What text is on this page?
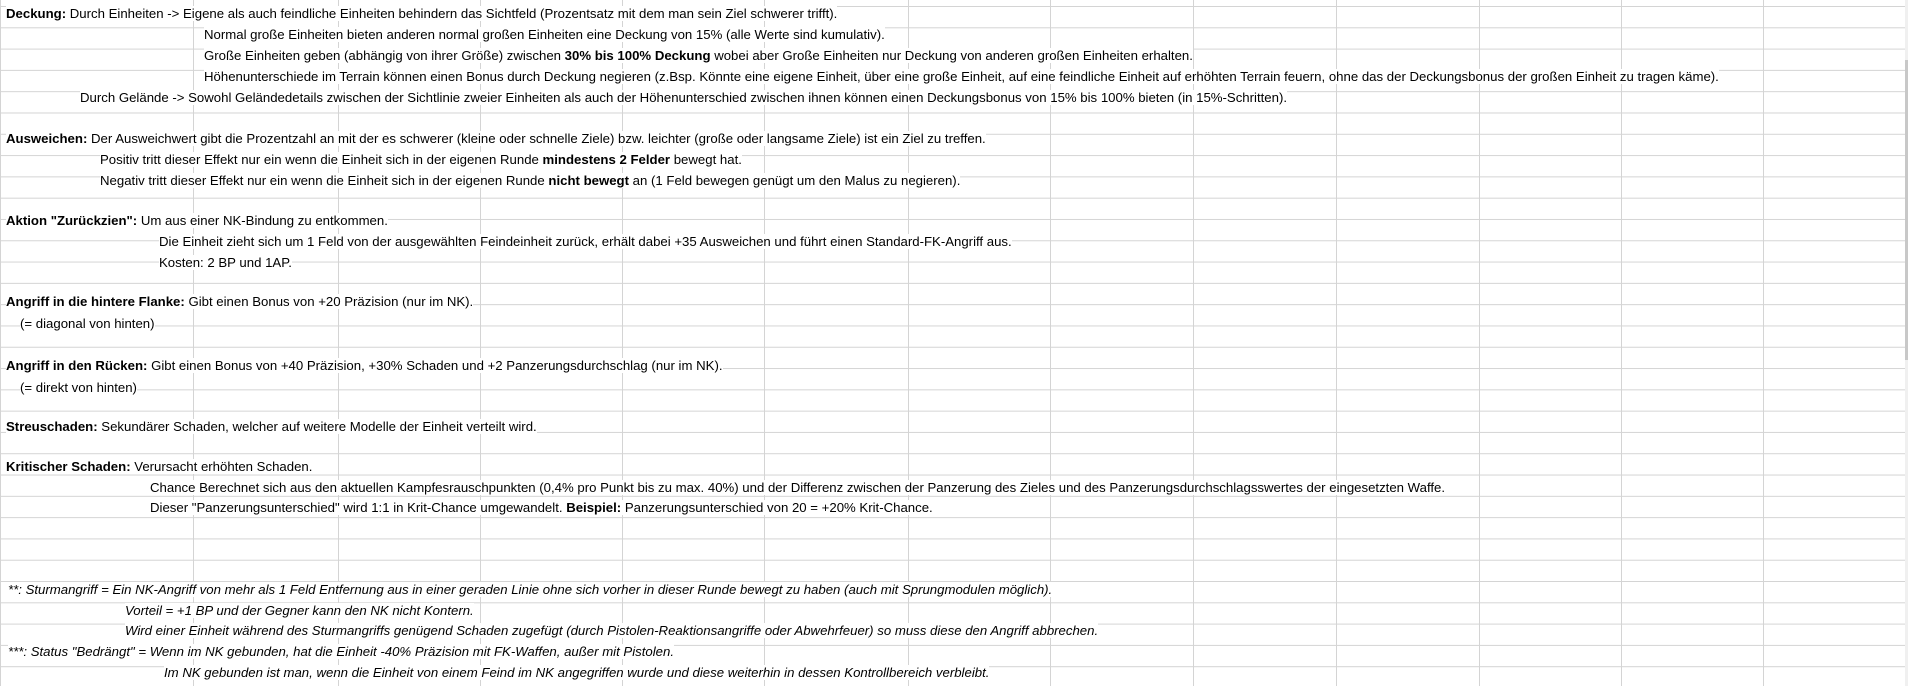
Deckung: Durch Einheiten -> Eigene als auch feindliche Einheiten behindern das Sichtfeld (Prozentsatz mit dem man sein Ziel schwerer trifft).
Normal große Einheiten bieten anderen normal großen Einheiten eine Deckung von 15% (alle Werte sind kumulativ).
Große Einheiten geben (abhängig von ihrer Größe) zwischen 30% bis 100% Deckung wobei aber Große Einheiten nur Deckung von anderen großen Einheiten erhalten.
Höhenunterschiede im Terrain können einen Bonus durch Deckung negieren (z.Bsp. Könnte eine eigene Einheit, über eine große Einheit, auf eine feindliche Einheit auf erhöhten Terrain feuern, ohne das der Deckungsbonus der großen Einheit zu tragen käme).
Durch Gelände -> Sowohl Geländedetails zwischen der Sichtlinie zweier Einheiten als auch der Höhenunterschied zwischen ihnen können einen Deckungsbonus von 15% bis 100% bieten (in 15%-Schritten).
Ausweichen: Der Ausweichwert gibt die Prozentzahl an mit der es schwerer (kleine oder schnelle Ziele) bzw. leichter (große oder langsame Ziele) ist ein Ziel zu treffen.
Positiv tritt dieser Effekt nur ein wenn die Einheit sich in der eigenen Runde mindestens 2 Felder bewegt hat.
Negativ tritt dieser Effekt nur ein wenn die Einheit sich in der eigenen Runde nicht bewegt an (1 Feld bewegen genügt um den Malus zu negieren).
Aktion "Zurückzien": Um aus einer NK-Bindung zu entkommen.
Die Einheit zieht sich um 1 Feld von der ausgewählten Feindeinheit zurück, erhält dabei +35 Ausweichen und führt einen Standard-FK-Angriff aus.
Kosten: 2 BP und 1AP.
Angriff in die hintere Flanke: Gibt einen Bonus von +20 Präzision (nur im NK).
(= diagonal von hinten)
Angriff in den Rücken: Gibt einen Bonus von +40 Präzision, +30% Schaden und +2 Panzerungsdurchschlag (nur im NK).
(= direkt von hinten)
Streuschaden: Sekundärer Schaden, welcher auf weitere Modelle der Einheit verteilt wird.
Kritischer Schaden: Verursacht erhöhten Schaden.
Chance Berechnet sich aus den aktuellen Kampfesrauschpunkten (0,4% pro Punkt bis zu max. 40%) und der Differenz zwischen der Panzerung des Zieles und des Panzerungsdurchschlagsswertes der eingesetzten Waffe.
Dieser "Panzerungsunterschied" wird 1:1 in Krit-Chance umgewandelt. Beispiel: Panzerungsunterschied von 20 = +20% Krit-Chance.
**: Sturmangriff = Ein NK-Angriff von mehr als 1 Feld Entfernung aus in einer geraden Linie ohne sich vorher in dieser Runde bewegt zu haben (auch mit Sprungmodulen möglich).
Vorteil = +1 BP und der Gegner kann den NK nicht Kontern.
Wird einer Einheit während des Sturmangriffs genügend Schaden zugefügt (durch Pistolen-Reaktionsangriffe oder Abwehrfeuer) so muss diese den Angriff abbrechen.
***: Status "Bedrängt" = Wenn im NK gebunden, hat die Einheit -40% Präzision mit FK-Waffen, außer mit Pistolen.
Im NK gebunden ist man, wenn die Einheit von einem Feind im NK angegriffen wurde und diese weiterhin in dessen Kontrollbereich verbleibt.
